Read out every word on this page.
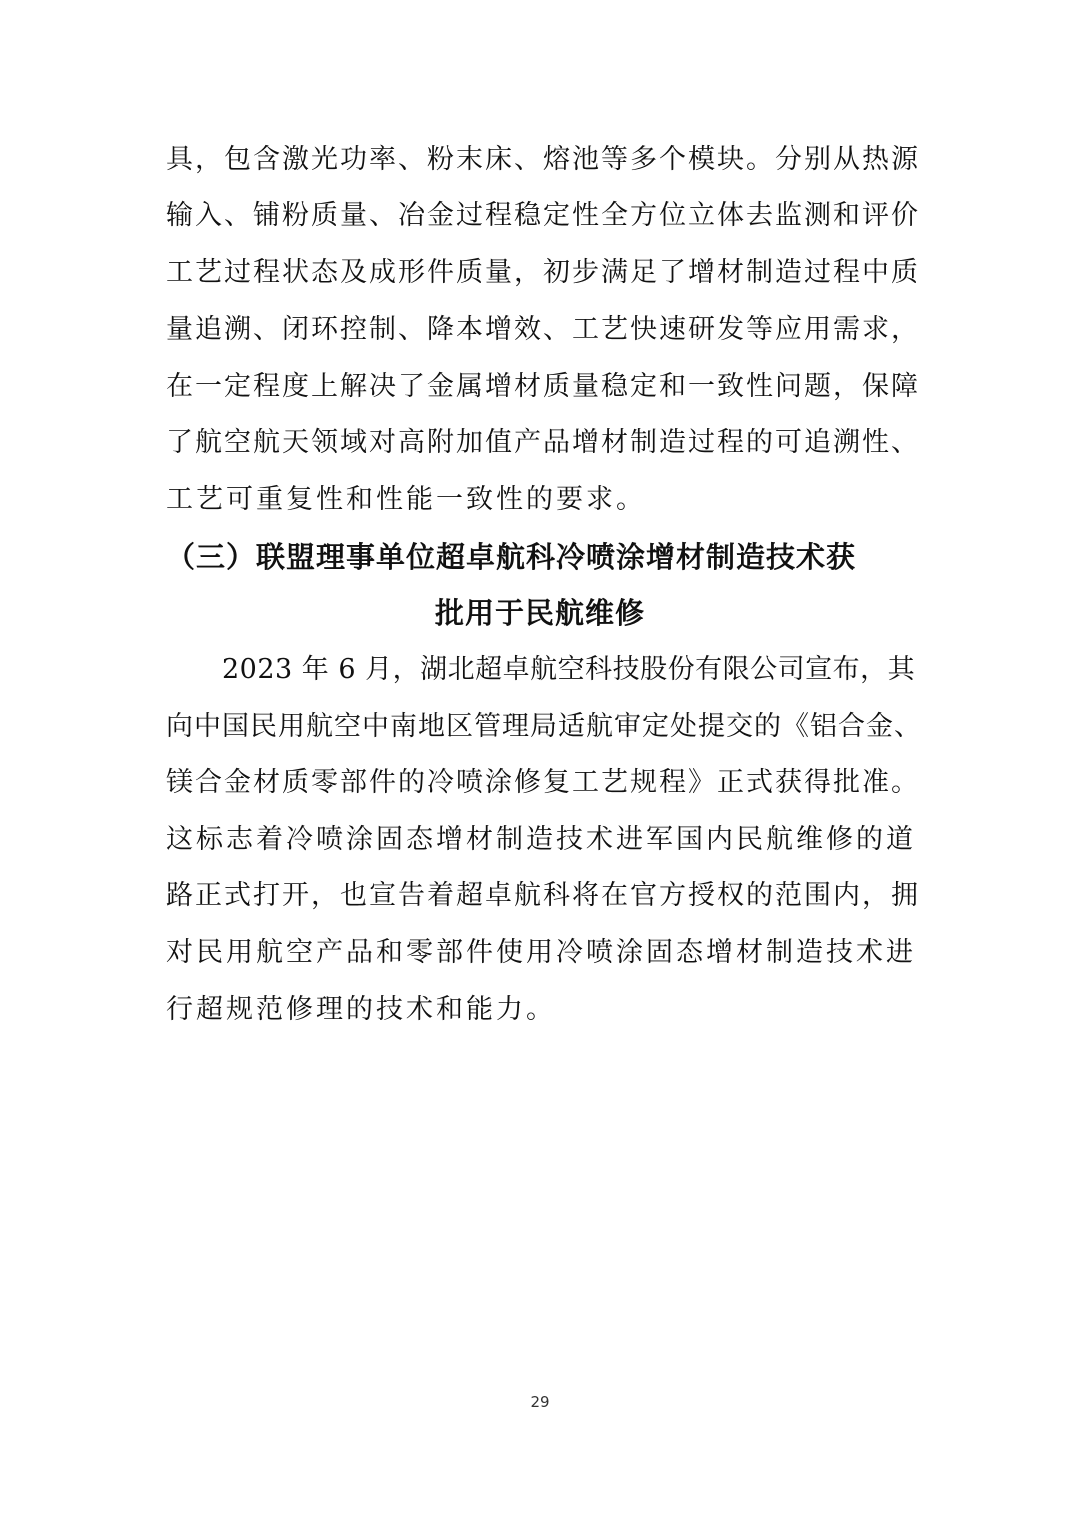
具，包含激光功率、粉末床、熔池等多个模块。分别从热源
输入、铺粉质量、冶金过程稳定性全方位立体去监测和评价
工艺过程状态及成形件质量，初步满足了增材制造过程中质
量追溯、闭环控制、降本增效、工艺快速研发等应用需求，
在一定程度上解决了金属增材质量稳定和一致性问题，保障
了航空航天领域对高附加值产品增材制造过程的可追溯性、
工艺可重复性和性能一致性的要求。
（三）联盟理事单位超卓航科冷喷涂增材制造技术获
批用于民航维修
2023 年 6 月，湖北超卓航空科技股份有限公司宣布，其
向中国民用航空中南地区管理局适航审定处提交的《铝合金、
镁合金材质零部件的冷喷涂修复工艺规程》正式获得批准。
这标志着冷喷涂固态增材制造技术进军国内民航维修的道
路正式打开，也宣告着超卓航科将在官方授权的范围内，拥
对民用航空产品和零部件使用冷喷涂固态增材制造技术进
行超规范修理的技术和能力。
29
